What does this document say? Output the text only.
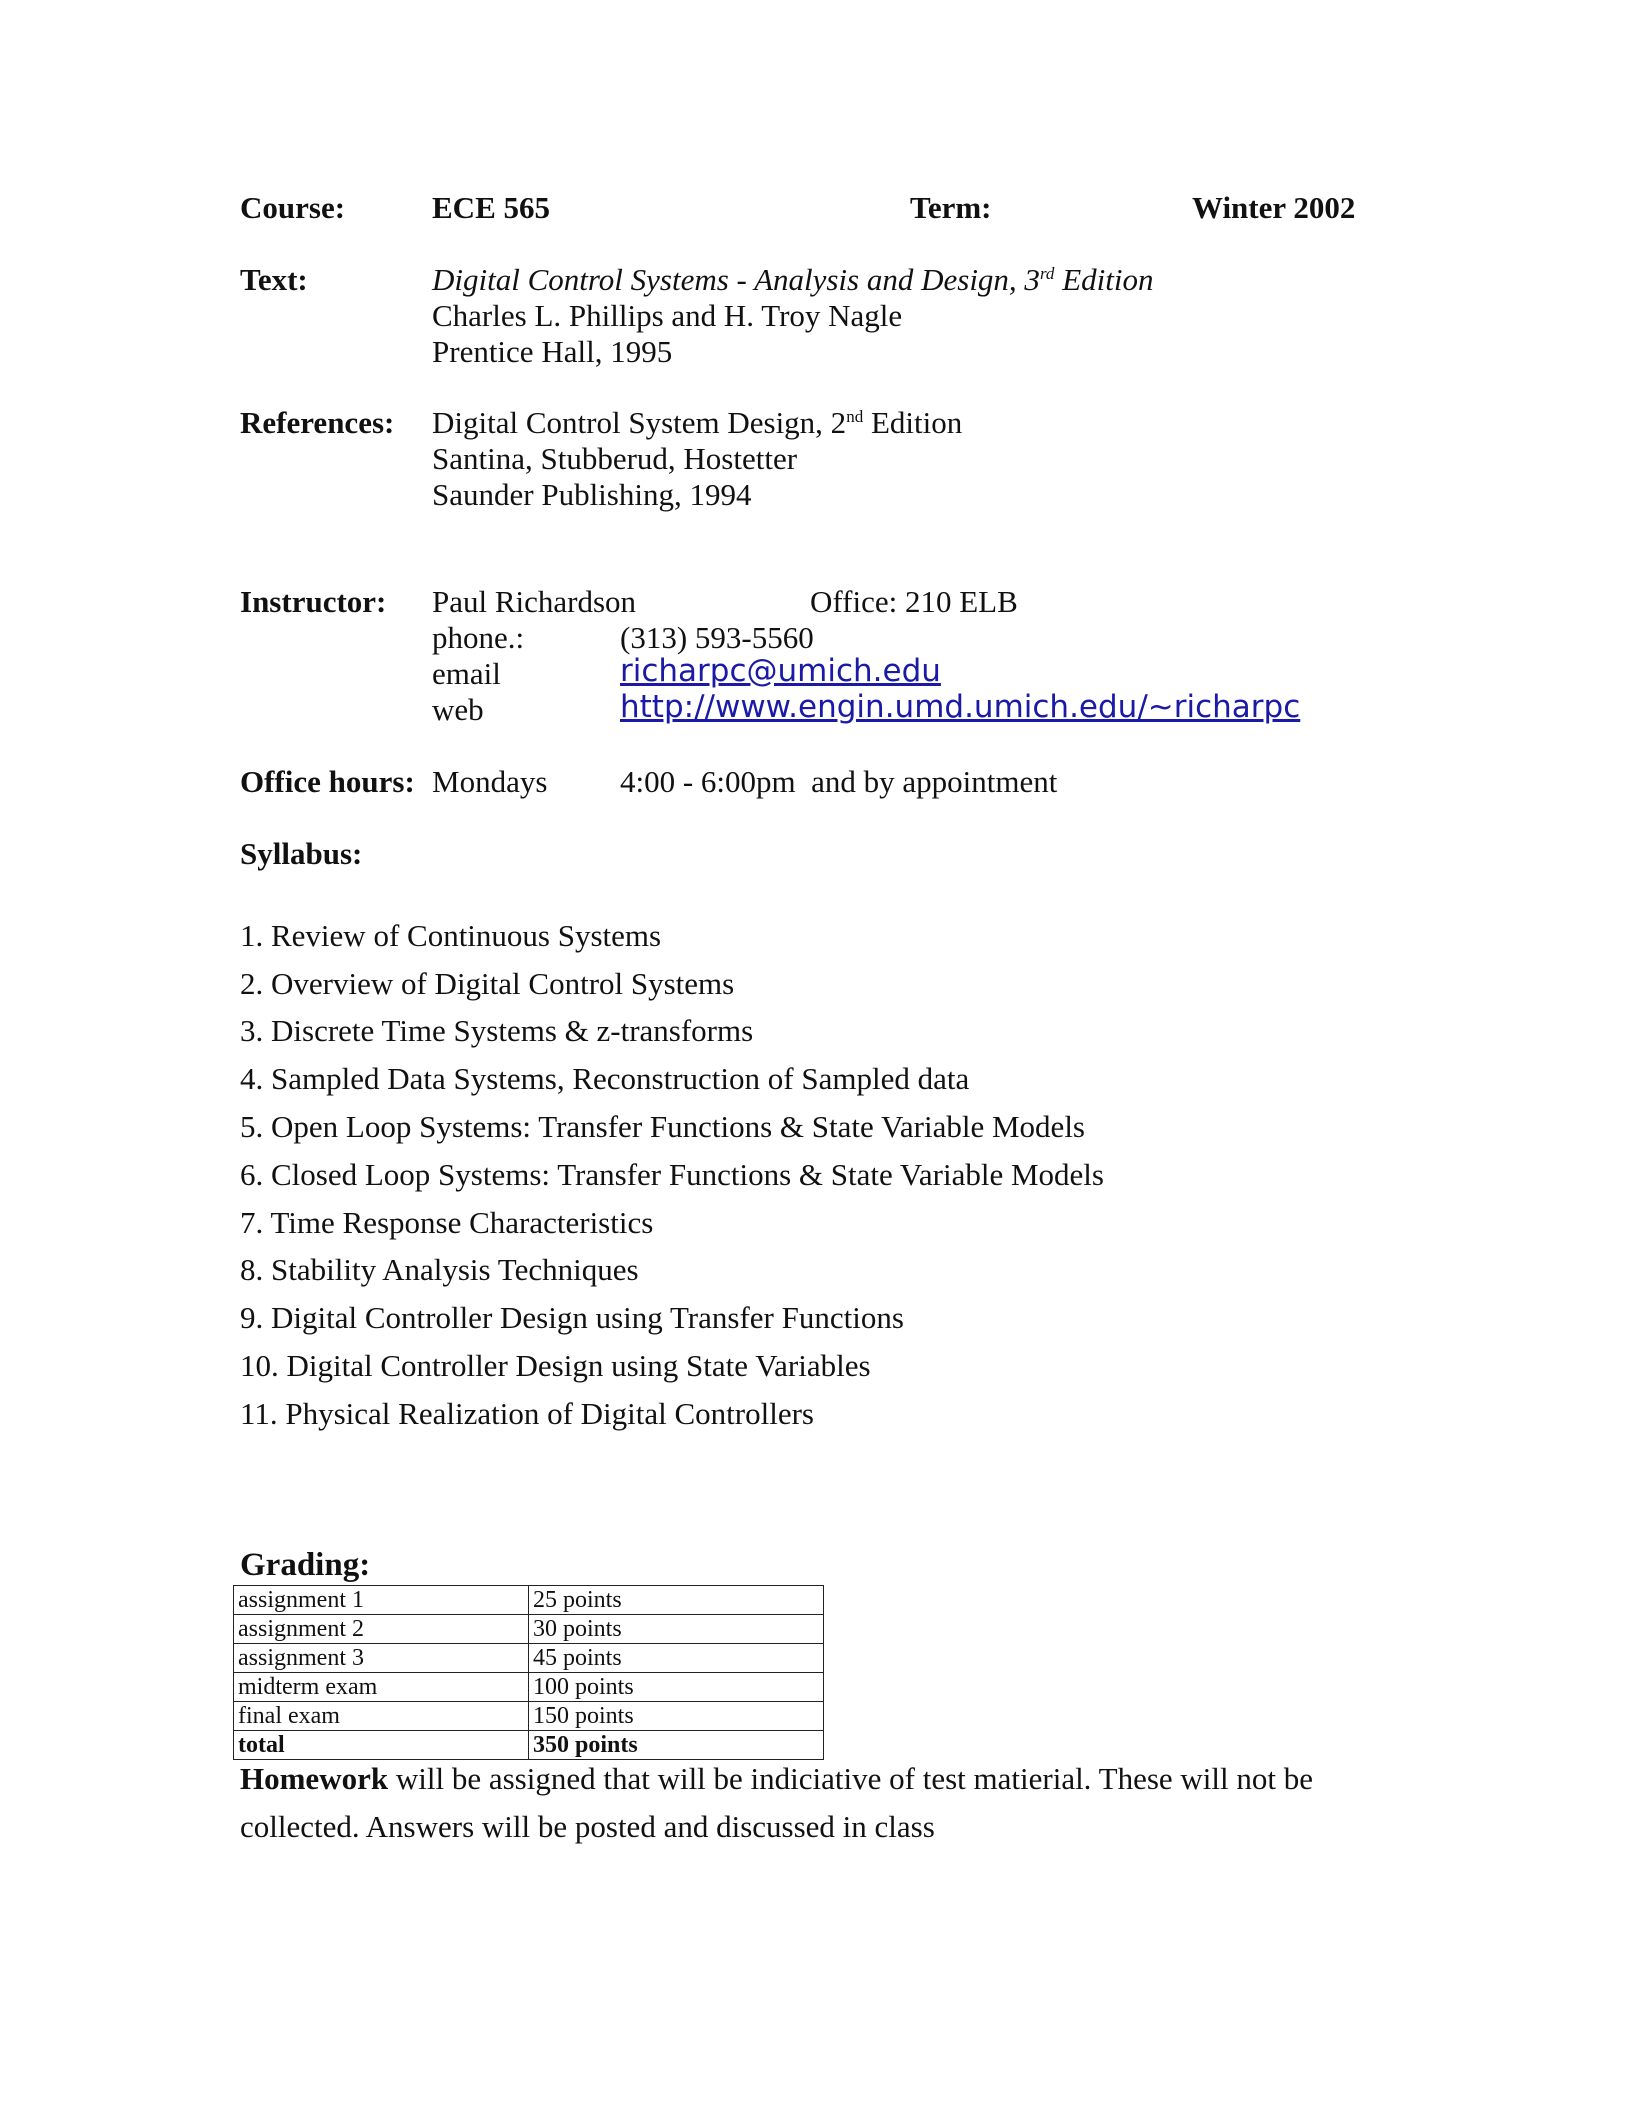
Course:	ECE 565	Term:	Winter 2002
Text:	Digital Control Systems - Analysis and Design, 3rd Edition
Charles L. Phillips and H. Troy Nagle
Prentice Hall, 1995
References: Digital Control System Design, 2nd Edition
Santina, Stubberud, Hostetter
Saunder Publishing, 1994
Instructor: Paul Richardson	Office: 210 ELB
phone.:	(313) 593-5560
email	richarpc@umich.edu
web	http://www.engin.umd.umich.edu/~richarpc
Office hours: Mondays 4:00 - 6:00pm  and by appointment
Syllabus:
1. Review of Continuous Systems
2. Overview of Digital Control Systems
3. Discrete Time Systems & z-transforms
4. Sampled Data Systems, Reconstruction of Sampled data
5. Open Loop Systems: Transfer Functions & State Variable Models
6. Closed Loop Systems: Transfer Functions & State Variable Models
7. Time Response Characteristics
8. Stability Analysis Techniques
9. Digital Controller Design using Transfer Functions
10. Digital Controller Design using State Variables
11. Physical Realization of Digital Controllers
Grading:
assignment 1	25 points
assignment 2	30 points
assignment 3	45 points
midterm exam	100 points
final exam	150 points
total	350 points
Homework will be assigned that will be indiciative of test matierial. These will not be collected. Answers will be posted and discussed in class
